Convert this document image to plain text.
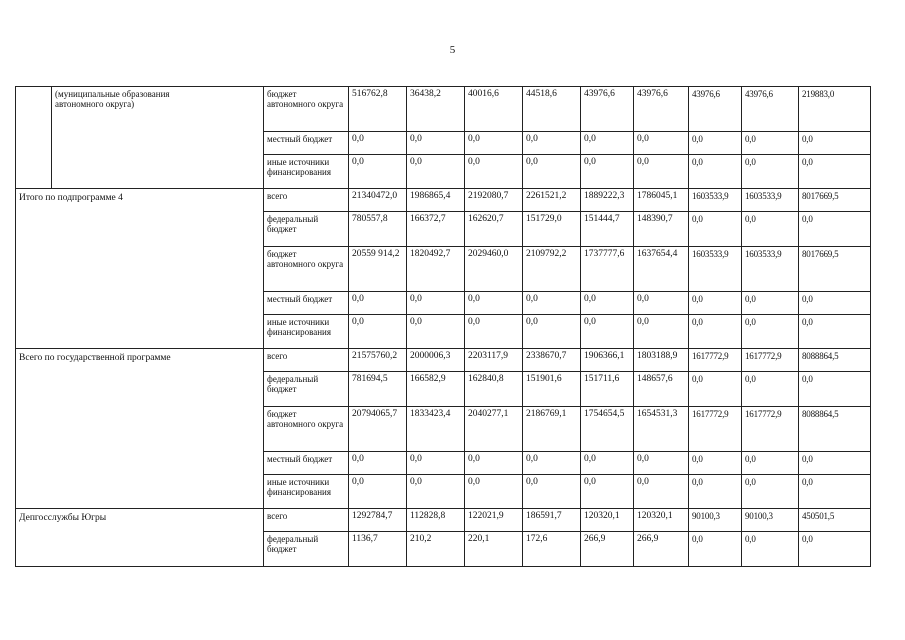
5
	(муниципальные образования автономного округа)		бюджет автономного округа	516762,8	36438,2	40016,6	44518,6	43976,6	43976,6	43976,6	43976,6	219883,0
			местный бюджет	0,0	0,0	0,0	0,0	0,0	0,0	0,0	0,0	0,0
			иные источники финансирования	0,0	0,0	0,0	0,0	0,0	0,0	0,0	0,0	0,0
Итого по подпрограмме 4			всего	21340472,0	1986865,4	2192080,7	2261521,2	1889222,3	1786045,1	1603533,9	1603533,9	8017669,5
			федеральный бюджет	780557,8	166372,7	162620,7	151729,0	151444,7	148390,7	0,0	0,0	0,0
			бюджет автономного округа	20559 914,2	1820492,7	2029460,0	2109792,2	1737777,6	1637654,4	1603533,9	1603533,9	8017669,5
			местный бюджет	0,0	0,0	0,0	0,0	0,0	0,0	0,0	0,0	0,0
			иные источники финансирования	0,0	0,0	0,0	0,0	0,0	0,0	0,0	0,0	0,0
Всего по государственной программе			всего	21575760,2	2000006,3	2203117,9	2338670,7	1906366,1	1803188,9	1617772,9	1617772,9	8088864,5
			федеральный бюджет	781694,5	166582,9	162840,8	151901,6	151711,6	148657,6	0,0	0,0	0,0
			бюджет автономного округа	20794065,7	1833423,4	2040277,1	2186769,1	1754654,5	1654531,3	1617772,9	1617772,9	8088864,5
			местный бюджет	0,0	0,0	0,0	0,0	0,0	0,0	0,0	0,0	0,0
			иные источники финансирования	0,0	0,0	0,0	0,0	0,0	0,0	0,0	0,0	0,0
Депгосслужбы Югры			всего	1292784,7	112828,8	122021,9	186591,7	120320,1	120320,1	90100,3	90100,3	450501,5
			федеральный бюджет	1136,7	210,2	220,1	172,6	266,9	266,9	0,0	0,0	0,0
